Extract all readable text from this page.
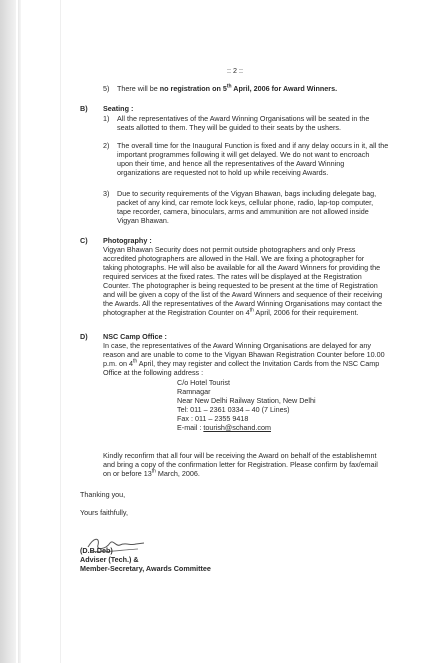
:: 2 ::
5) There will be no registration on 5th April, 2006 for Award Winners.
B) Seating :
1) All the representatives of the Award Winning Organisations will be seated in the
seats allotted to them. They will be guided to their seats by the ushers.
2) The overall time for the Inaugural Function is fixed and if any delay occurs in it, all the
important programmes following it will get delayed. We do not want to encroach
upon their time, and hence all the representatives of the Award Winning
organizations are requested not to hold up while receiving Awards.
3) Due to security requirements of the Vigyan Bhawan, bags including delegate bag,
packet of any kind, car remote lock keys, cellular phone, radio, lap-top computer,
tape recorder, camera, binoculars, arms and ammunition are not allowed inside
Vigyan Bhawan.
C) Photography :
Vigyan Bhawan Security does not permit outside photographers and only Press
accredited photographers are allowed in the Hall. We are fixing a photographer for
taking photographs. He will also be available for all the Award Winners for providing the
required services at the fixed rates. The rates will be displayed at the Registration
Counter. The photographer is being requested to be present at the time of Registration
and will be given a copy of the list of the Award Winners and sequence of their receiving
the Awards. All the representatives of the Award Winning Organisations may contact the
photographer at the Registration Counter on 4th April, 2006 for their requirement.
D) NSC Camp Office :
In case, the representatives of the Award Winning Organisations are delayed for any
reason and are unable to come to the Vigyan Bhawan Registration Counter before 10.00
p.m. on 4th April, they may register and collect the Invitation Cards from the NSC Camp
Office at the following address :
C/o Hotel Tourist
Ramnagar
Near New Delhi Railway Station, New Delhi
Tel: 011 – 2361 0334 – 40 (7 Lines)
Fax : 011 – 2355 9418
E-mail : tourish@schand.com
Kindly reconfirm that all four will be receiving the Award on behalf of the establishemnt
and bring a copy of the confirmation letter for Registration. Please confirm by fax/email
on or before 13th March, 2006.
Thanking you,
Yours faithfully,
(D.B.Deb)
Adviser (Tech.) &
Member-Secretary, Awards Committee
